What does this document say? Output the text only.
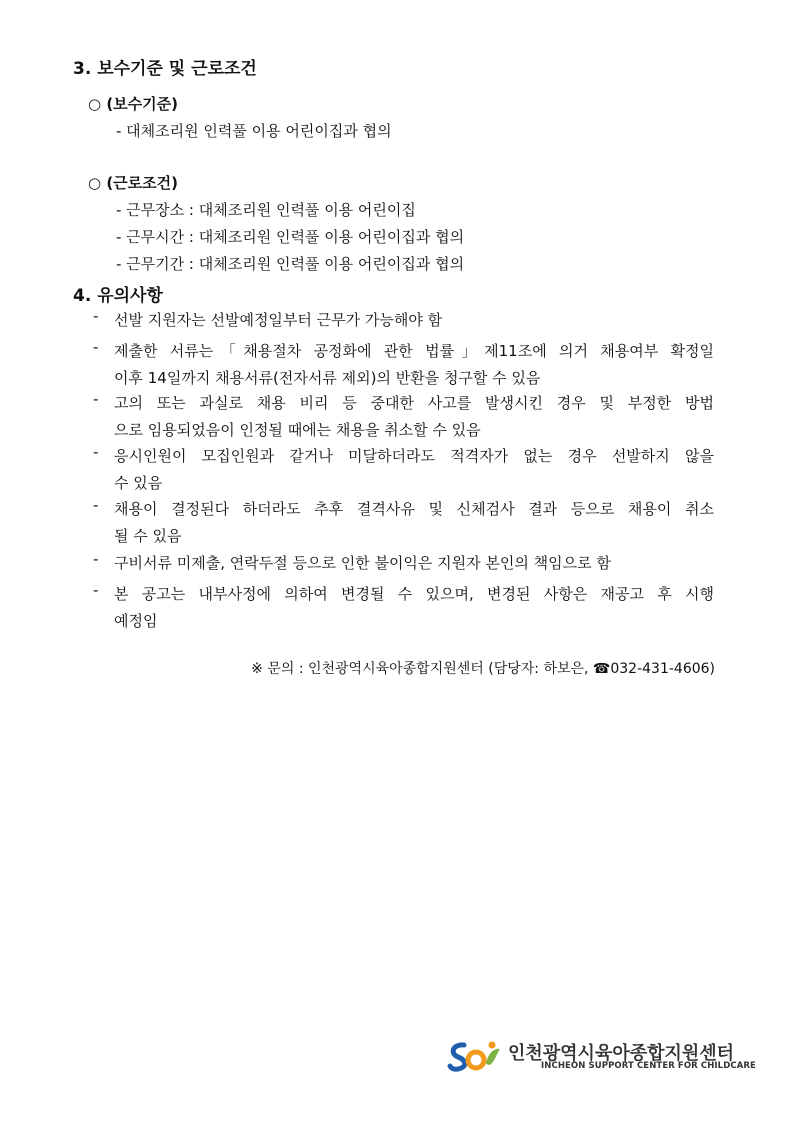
3. 보수기준 및 근로조건
○ (보수기준)
- 대체조리원 인력풀 이용 어린이집과 협의
○ (근로조건)
- 근무장소 : 대체조리원 인력풀 이용 어린이집
- 근무시간 : 대체조리원 인력풀 이용 어린이집과 협의
- 근무기간 : 대체조리원 인력풀 이용 어린이집과 협의
4. 유의사항
- 선발 지원자는 선발예정일부터 근무가 가능해야 함
- 제출한 서류는「채용절차 공정화에 관한 법률」제11조에 의거 채용여부 확정일
이후 14일까지 채용서류(전자서류 제외)의 반환을 청구할 수 있음
- 고의 또는 과실로 채용 비리 등 중대한 사고를 발생시킨 경우 및 부정한 방법
으로 임용되었음이 인정될 때에는 채용을 취소할 수 있음
- 응시인원이 모집인원과 같거나 미달하더라도 적격자가 없는 경우 선발하지 않을
수 있음
- 채용이 결정된다 하더라도 추후 결격사유 및 신체검사 결과 등으로 채용이 취소
될 수 있음
- 구비서류 미제출, 연락두절 등으로 인한 불이익은 지원자 본인의 책임으로 함
- 본 공고는 내부사정에 의하여 변경될 수 있으며, 변경된 사항은 재공고 후 시행
예정임
※ 문의 : 인천광역시육아종합지원센터 (담당자: 하보은, ☎032-431-4606)
인천광역시육아종합지원센터
INCHEON SUPPORT CENTER FOR CHILDCARE
